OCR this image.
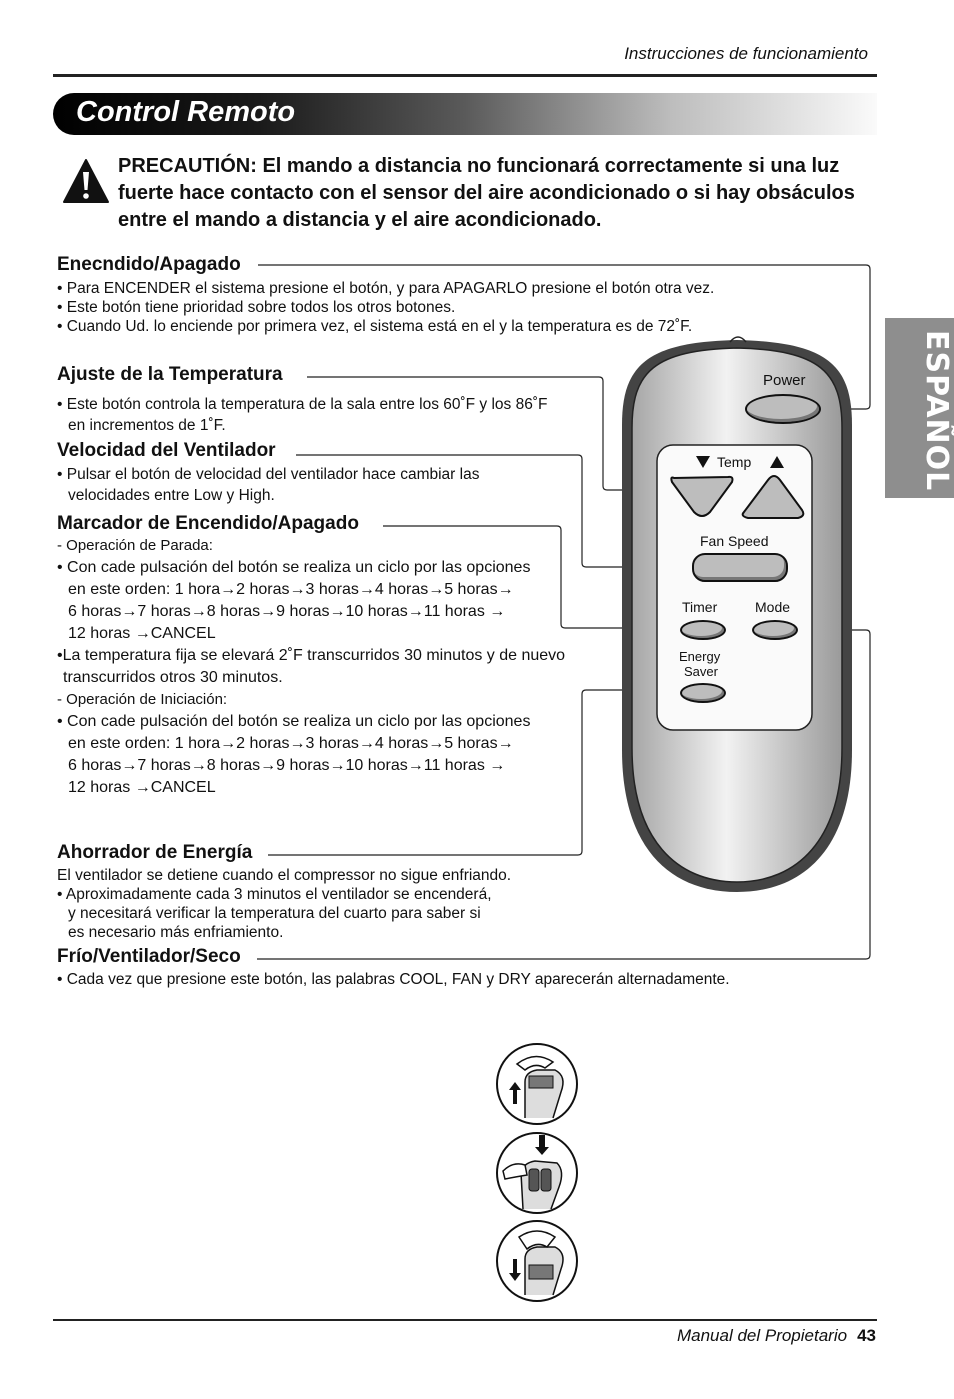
Instrucciones de funcionamiento
Control Remoto
ESPAÑOL
PRECAUTIÓN: El mando a distancia no funcionará correctamente si una luz fuerte hace contacto con el sensor del aire acondicionado o si hay obsáculos entre el mando a distancia y el aire acondicionado.
Enecndido/Apagado
• Para ENCENDER el sistema presione el botón, y para APAGARLO presione el botón otra vez.
• Este botón tiene prioridad sobre todos los otros botones.
• Cuando Ud. lo enciende por primera vez, el sistema está en el y la temperatura es de 72˚F.
Ajuste de la Temperatura
• Este botón controla la temperatura de la sala entre los 60˚F y los 86˚F
en incrementos de 1˚F.
Velocidad del Ventilador
• Pulsar el botón de velocidad del ventilador hace cambiar las
velocidades entre Low y High.
Marcador de Encendido/Apagado
- Operación de Parada:
• Con cade pulsación del botón se realiza un ciclo por las opciones
en este orden: 1 hora→2 horas→3 horas→4 horas→5 horas→
6 horas→7 horas→8 horas→9 horas→10 horas→11 horas →
12 horas →CANCEL
•La temperatura fija se elevará 2˚F transcurridos 30 minutos y de nuevo
transcurridos otros 30 minutos.
- Operación de Iniciación:
• Con cade pulsación del botón se realiza un ciclo por las opciones
en este orden: 1 hora→2 horas→3 horas→4 horas→5 horas→
6 horas→7 horas→8 horas→9 horas→10 horas→11 horas →
12 horas →CANCEL
Ahorrador de Energía
El ventilador se detiene cuando el compressor no sigue enfriando.
• Aproximadamente cada 3 minutos el ventilador se encenderá,
y necesitará verificar la temperatura del cuarto para saber si
es necesario más enfriamiento.
Frío/Ventilador/Seco
• Cada vez que presione este botón, las palabras COOL, FAN y DRY aparecerán alternadamente.
Power
Temp
Fan Speed
Timer	Mode
Energy
Saver
Manual del Propietario 43
